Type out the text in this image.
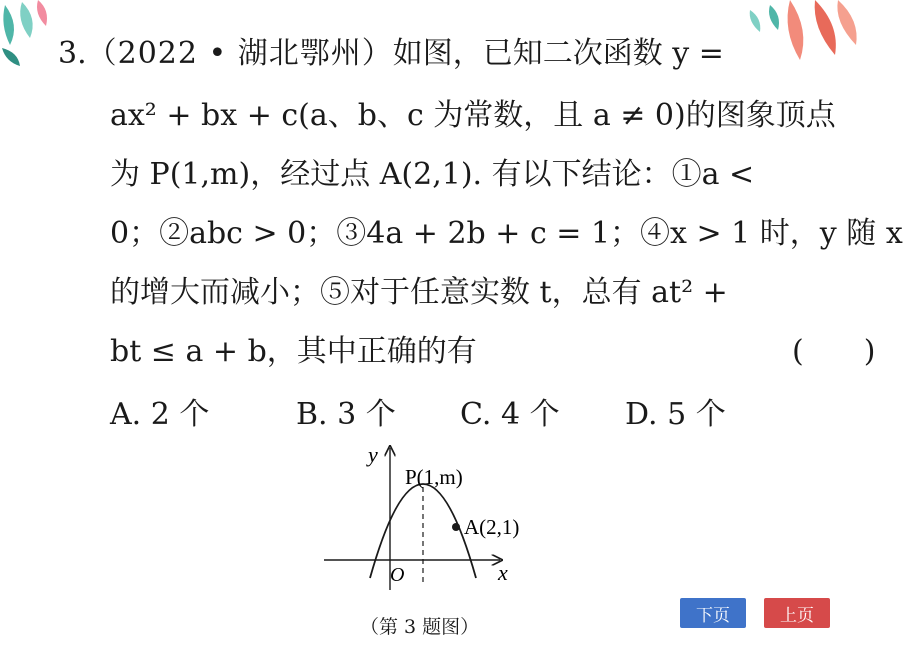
3.（2022 • 湖北鄂州）如图，已知二次函数 y =
ax² + bx + c(a、b、c 为常数，且 a ≠ 0)的图象顶点
为 P(1,m)，经过点 A(2,1). 有以下结论：①a <
0；②abc > 0；③4a + 2b + c = 1；④x > 1 时，y 随 x
的增大而减小；⑤对于任意实数 t，总有 at² +
bt ≤ a + b，其中正确的有	(　　)
A. 2 个	B. 3 个 C. 4 个 D. 5 个
y
x
O
P(1,m)
A(2,1)
（第 3 题图）
下页	上页
